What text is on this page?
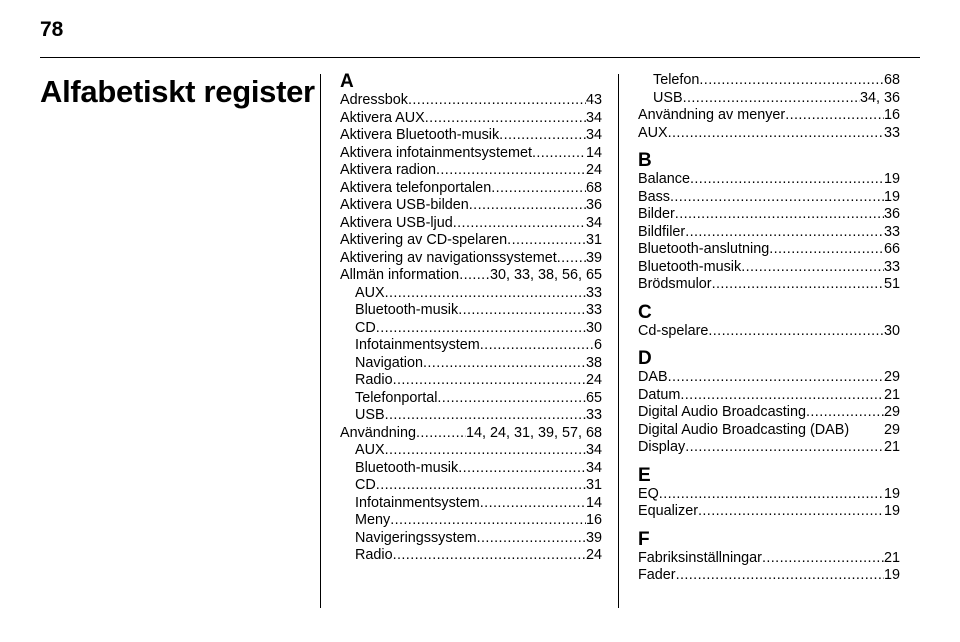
78
Alfabetiskt register A
Adressbok .....	43
Aktivera AUX .....	34
Aktivera Bluetooth-musik .....	34
Aktivera infotainmentsystemet .....	14
Aktivera radion .....	24
Aktivera telefonportalen .....	68
Aktivera USB-bilden .....	36
Aktivera USB-ljud .....	34
Aktivering av CD-spelaren .....	31
Aktivering av navigationssystemet ..... 39
Allmän information ..... 30, 33, 38, 56, 65
AUX .....	33
Bluetooth-musik .....	33
CD .....	30
Infotainmentsystem .....	6
Navigation .....	38
Radio .....	24
Telefonportal .....	65
USB .....	33
Användning .....	14, 24, 31, 39, 57, 68
AUX .....	34
Bluetooth-musik .....	34
CD .....	31
Infotainmentsystem .....	14
Meny .....	16
Navigeringssystem .....	39
Radio .....	24
Telefon .....	68
USB .....	34, 36
Användning av menyer .....	16
AUX .....	33
B
Balance .....	19
Bass .....	19
Bilder .....	36
Bildfiler .....	33
Bluetooth-anslutning .....	66
Bluetooth-musik .....	33
Brödsmulor .....	51
C
Cd-spelare .....	30
D
DAB .....	29
Datum .....	21
Digital Audio Broadcasting .....	29
Digital Audio Broadcasting (DAB) 29
Display .....	21
E
EQ .....	19
Equalizer .....	19
F
Fabriksinställningar .....	21
Fader .....	19
